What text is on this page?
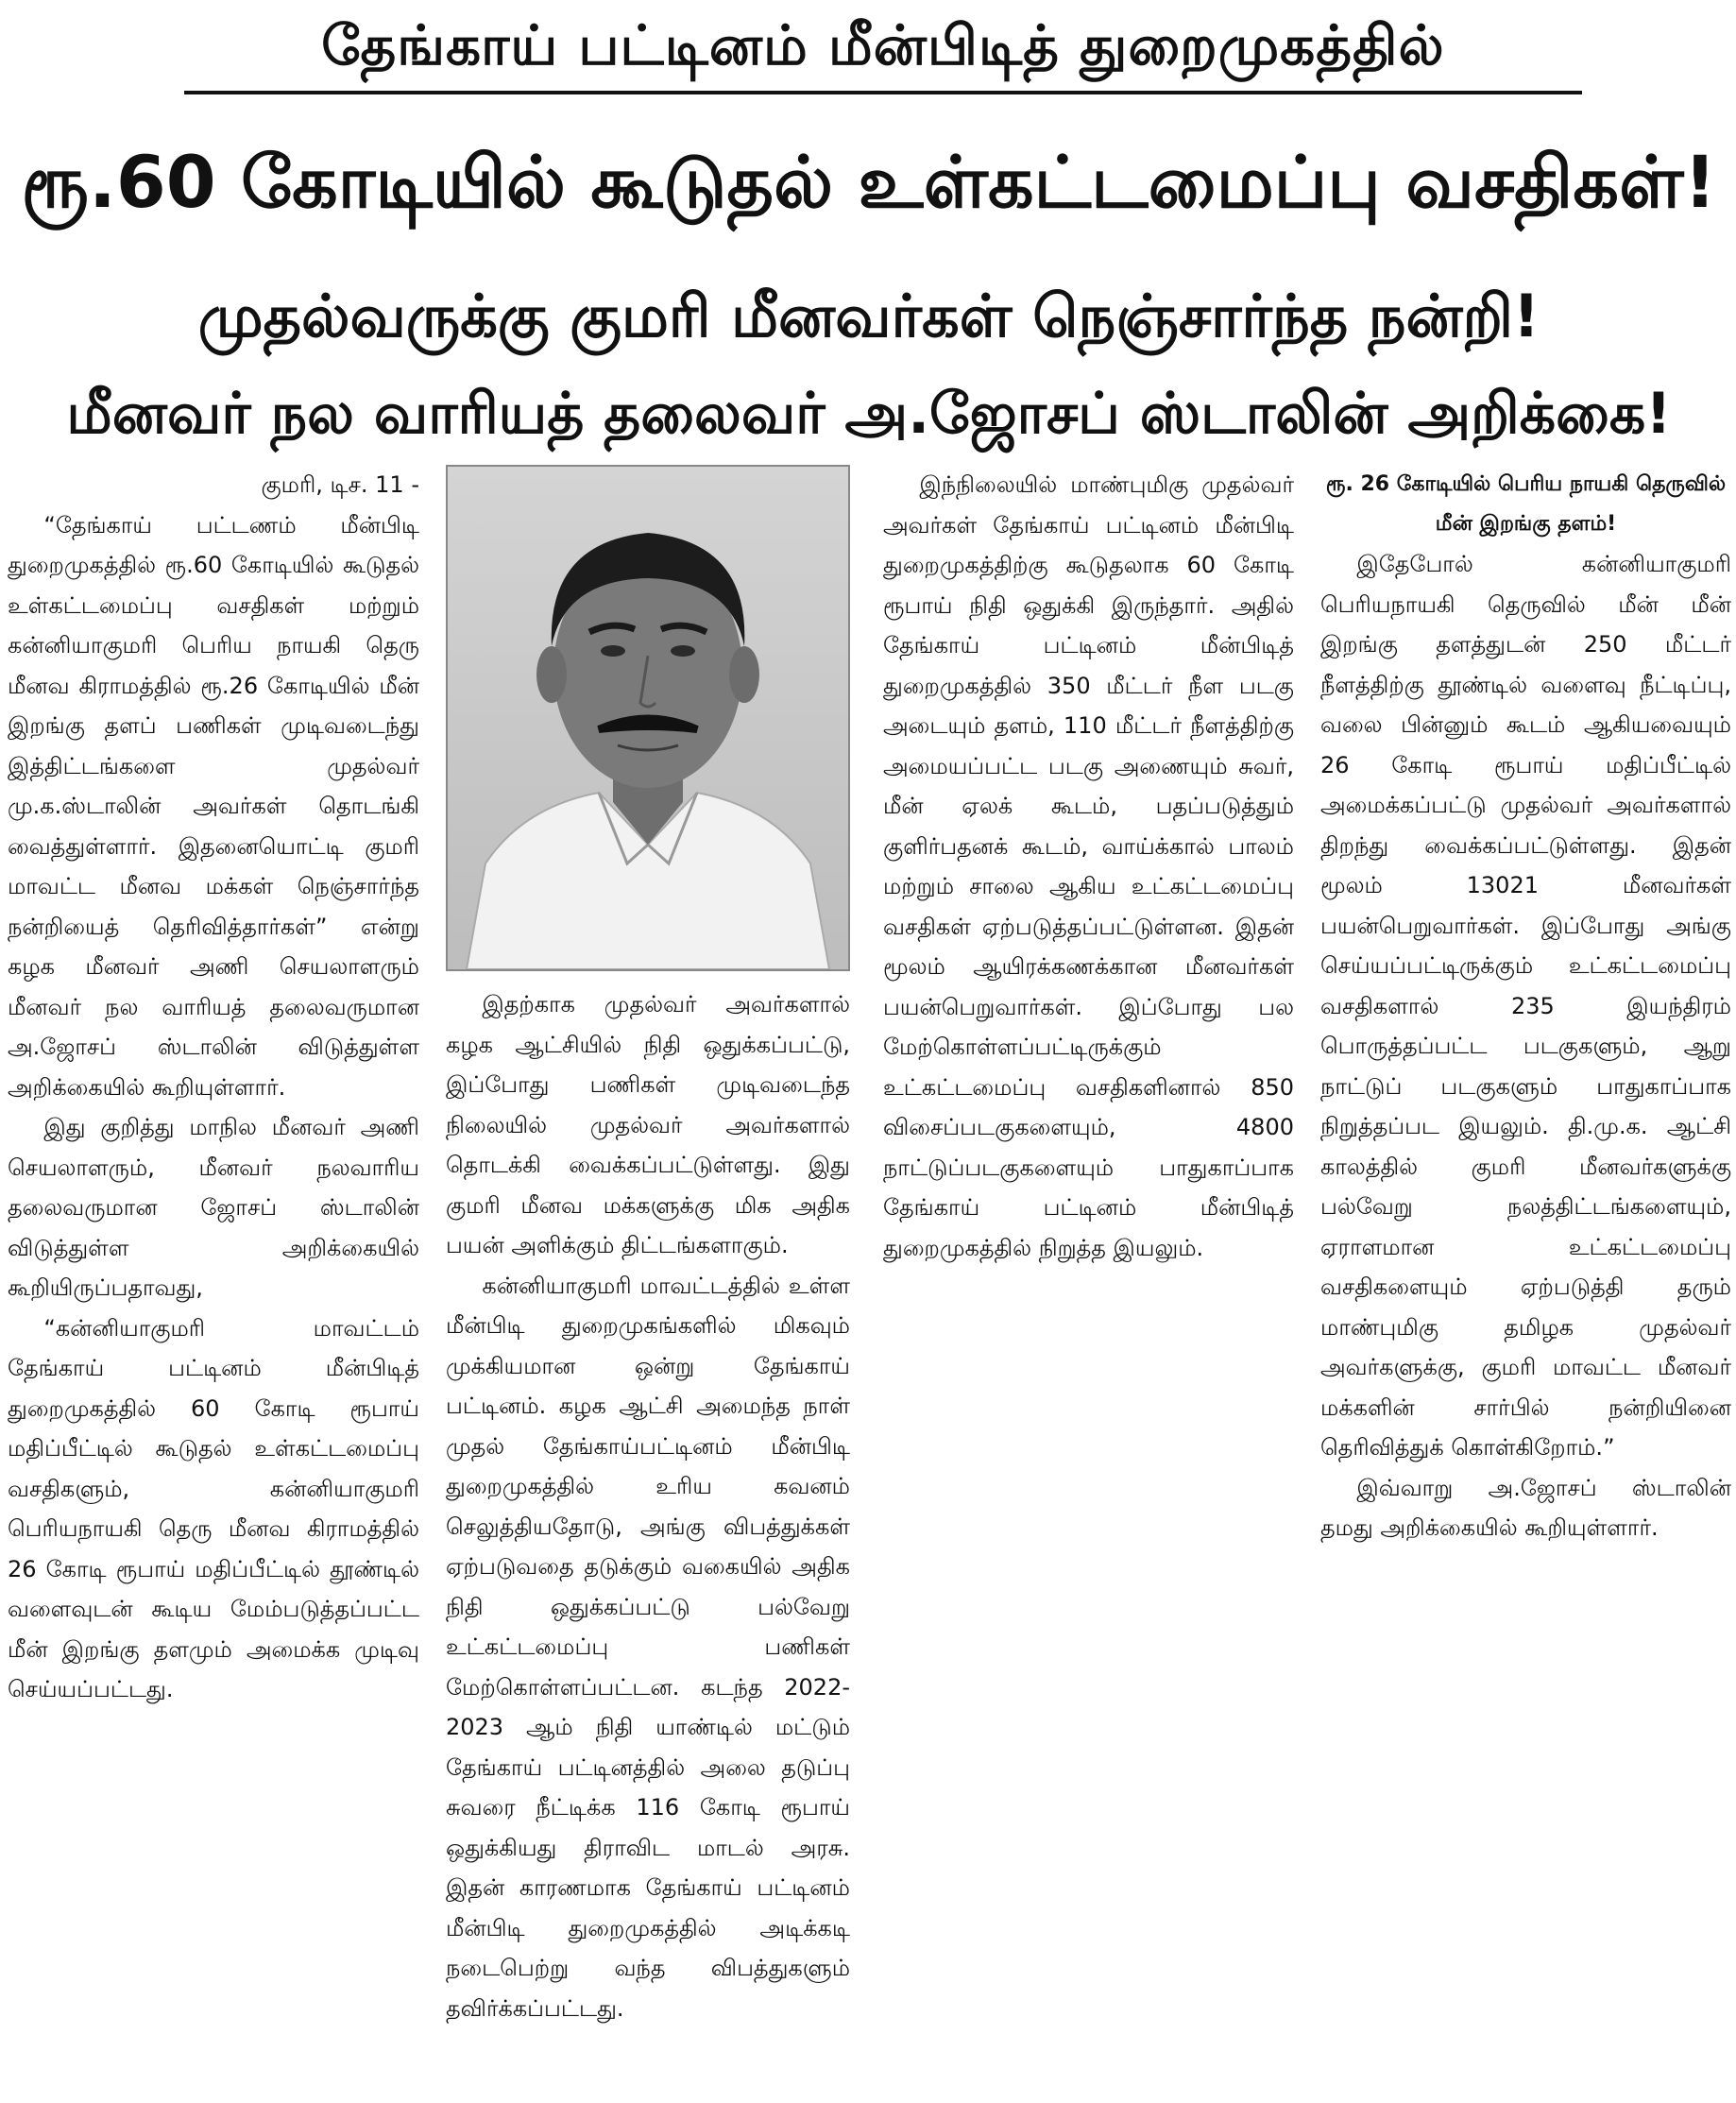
தேங்காய் பட்டினம் மீன்பிடித் துறைமுகத்தில்
ரூ.60 கோடியில் கூடுதல் உள்கட்டமைப்பு வசதிகள்!
முதல்வருக்கு குமரி மீனவர்கள் நெஞ்சார்ந்த நன்றி!
மீனவர் நல வாரியத் தலைவர் அ.ஜோசப் ஸ்டாலின் அறிக்கை!

குமரி, டிச. 11 -

“தேங்காய் பட்டணம் மீன்பிடி துறைமுகத்தில் ரூ.60 கோடியில் கூடுதல் உள்கட்டமைப்பு வசதிகள் மற்றும் கன்னியாகுமரி பெரிய நாயகி தெரு மீனவ கிராமத்தில் ரூ.26 கோடியில் மீன் இறங்கு தளப் பணிகள் முடிவடைந்து இத்திட்டங்களை முதல்வர் மு.க.ஸ்டாலின் அவர்கள் தொடங்கி வைத்துள்ளார். இதனையொட்டி குமரி மாவட்ட மீனவ மக்கள் நெஞ்சார்ந்த நன்றியைத் தெரிவித்தார்கள்” என்று கழக மீனவர் அணி செயலாளரும் மீனவர் நல வாரியத் தலைவருமான அ.ஜோசப் ஸ்டாலின் விடுத்துள்ள அறிக்கையில் கூறியுள்ளார்.

இது குறித்து மாநில மீனவர் அணி செயலாளரும், மீனவர் நலவாரிய தலைவருமான ஜோசப் ஸ்டாலின் விடுத்துள்ள அறிக்கையில் கூறியிருப்பதாவது,

“கன்னியாகுமரி மாவட்டம் தேங்காய் பட்டினம் மீன்பிடித் துறைமுகத்தில் 60 கோடி ரூபாய் மதிப்பீட்டில் கூடுதல் உள்கட்டமைப்பு வசதிகளும், கன்னியாகுமரி பெரியநாயகி தெரு மீனவ கிராமத்தில் 26 கோடி ரூபாய் மதிப்பீட்டில் தூண்டில் வளைவுடன் கூடிய மேம்படுத்தப்பட்ட மீன் இறங்கு தளமும் அமைக்க முடிவு செய்யப்பட்டது.

இதற்காக முதல்வர் அவர்களால் கழக ஆட்சியில் நிதி ஒதுக்கப்பட்டு, இப்போது பணிகள் முடிவடைந்த நிலையில் முதல்வர் அவர்களால் தொடக்கி வைக்கப்பட்டுள்ளது. இது குமரி மீனவ மக்களுக்கு மிக அதிக பயன் அளிக்கும் திட்டங்களாகும்.

கன்னியாகுமரி மாவட்டத்தில் உள்ள மீன்பிடி துறைமுகங்களில் மிகவும் முக்கியமான ஒன்று தேங்காய் பட்டினம். கழக ஆட்சி அமைந்த நாள் முதல் தேங்காய்பட்டினம் மீன்பிடி துறைமுகத்தில் உரிய கவனம் செலுத்தியதோடு, அங்கு விபத்துக்கள் ஏற்படுவதை தடுக்கும் வகையில் அதிக நிதி ஒதுக்கப்பட்டு பல்வேறு உட்கட்டமைப்பு பணிகள் மேற்கொள்ளப்பட்டன. கடந்த 2022-2023 ஆம் நிதி யாண்டில் மட்டும் தேங்காய் பட்டினத்தில் அலை தடுப்பு சுவரை நீட்டிக்க 116 கோடி ரூபாய் ஒதுக்கியது திராவிட மாடல் அரசு. இதன் காரணமாக தேங்காய் பட்டினம் மீன்பிடி துறைமுகத்தில் அடிக்கடி நடைபெற்று வந்த விபத்துகளும் தவிர்க்கப்பட்டது.

இந்நிலையில் மாண்புமிகு முதல்வர் அவர்கள் தேங்காய் பட்டினம் மீன்பிடி துறைமுகத்திற்கு கூடுதலாக 60 கோடி ரூபாய் நிதி ஒதுக்கி இருந்தார். அதில் தேங்காய் பட்டினம் மீன்பிடித் துறைமுகத்தில் 350 மீட்டர் நீள படகு அடையும் தளம், 110 மீட்டர் நீளத்திற்கு அமையப்பட்ட படகு அணையும் சுவர், மீன் ஏலக் கூடம், பதப்படுத்தும் குளிர்பதனக் கூடம், வாய்க்கால் பாலம் மற்றும் சாலை ஆகிய உட்கட்டமைப்பு வசதிகள் ஏற்படுத்தப்பட்டுள்ளன. இதன் மூலம் ஆயிரக்கணக்கான மீனவர்கள் பயன்பெறுவார்கள். இப்போது பல மேற்கொள்ளப்பட்டிருக்கும் உட்கட்டமைப்பு வசதிகளினால் 850 விசைப்படகுகளையும், 4800 நாட்டுப்படகுகளையும் பாதுகாப்பாக தேங்காய் பட்டினம் மீன்பிடித் துறைமுகத்தில் நிறுத்த இயலும்.

ரூ. 26 கோடியில் பெரிய நாயகி தெருவில் மீன் இறங்கு தளம்!

இதேபோல் கன்னியாகுமரி பெரியநாயகி தெருவில் மீன் மீன் இறங்கு தளத்துடன் 250 மீட்டர் நீளத்திற்கு தூண்டில் வளைவு நீட்டிப்பு, வலை பின்னும் கூடம் ஆகியவையும் 26 கோடி ரூபாய் மதிப்பீட்டில் அமைக்கப்பட்டு முதல்வர் அவர்களால் திறந்து வைக்கப்பட்டுள்ளது. இதன் மூலம் 13021 மீனவர்கள் பயன்பெறுவார்கள். இப்போது அங்கு செய்யப்பட்டிருக்கும் உட்கட்டமைப்பு வசதிகளால் 235 இயந்திரம் பொருத்தப்பட்ட படகுகளும், ஆறு நாட்டுப் படகுகளும் பாதுகாப்பாக நிறுத்தப்பட இயலும். தி.மு.க. ஆட்சி காலத்தில் குமரி மீனவர்களுக்கு பல்வேறு நலத்திட்டங்களையும், ஏராளமான உட்கட்டமைப்பு வசதிகளையும் ஏற்படுத்தி தரும் மாண்புமிகு தமிழக முதல்வர் அவர்களுக்கு, குமரி மாவட்ட மீனவர் மக்களின் சார்பில் நன்றியினை தெரிவித்துக் கொள்கிறோம்.”

இவ்வாறு அ.ஜோசப் ஸ்டாலின் தமது அறிக்கையில் கூறியுள்ளார்.
